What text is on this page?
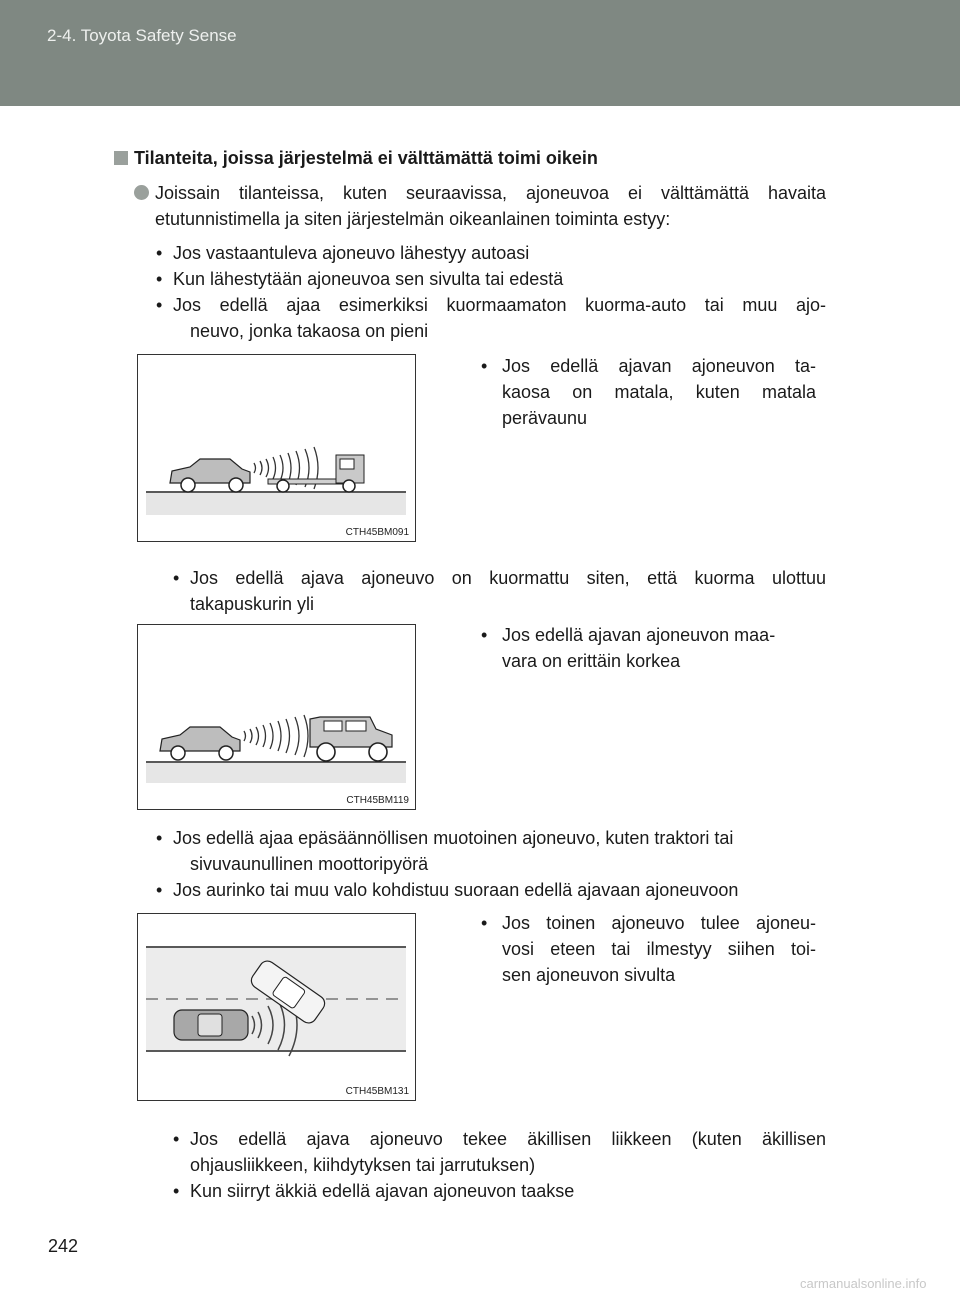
2-4. Toyota Safety Sense
Tilanteita, joissa järjestelmä ei välttämättä toimi oikein
Joissain tilanteissa, kuten seuraavissa, ajoneuvoa ei välttämättä havaita
etutunnistimella ja siten järjestelmän oikeanlainen toiminta estyy:
• Jos vastaantuleva ajoneuvo lähestyy autoasi
• Kun lähestytään ajoneuvoa sen sivulta tai edestä
• Jos edellä ajaa esimerkiksi kuormaamaton kuorma-auto tai muu ajo-
neuvo, jonka takaosa on pieni
CTH45BM091
• Jos edellä ajavan ajoneuvon ta-
kaosa on matala, kuten matala
perävaunu
• Jos edellä ajava ajoneuvo on kuormattu siten, että kuorma ulottuu
takapuskurin yli
CTH45BM119
• Jos edellä ajavan ajoneuvon maa-
vara on erittäin korkea
• Jos edellä ajaa epäsäännöllisen muotoinen ajoneuvo, kuten traktori tai
sivuvaunullinen moottoripyörä
• Jos aurinko tai muu valo kohdistuu suoraan edellä ajavaan ajoneuvoon
CTH45BM131
• Jos toinen ajoneuvo tulee ajoneu-
vosi eteen tai ilmestyy siihen toi-
sen ajoneuvon sivulta
• Jos edellä ajava ajoneuvo tekee äkillisen liikkeen (kuten äkillisen
ohjausliikkeen, kiihdytyksen tai jarrutuksen)
• Kun siirryt äkkiä edellä ajavan ajoneuvon taakse
242
carmanualsonline.info
